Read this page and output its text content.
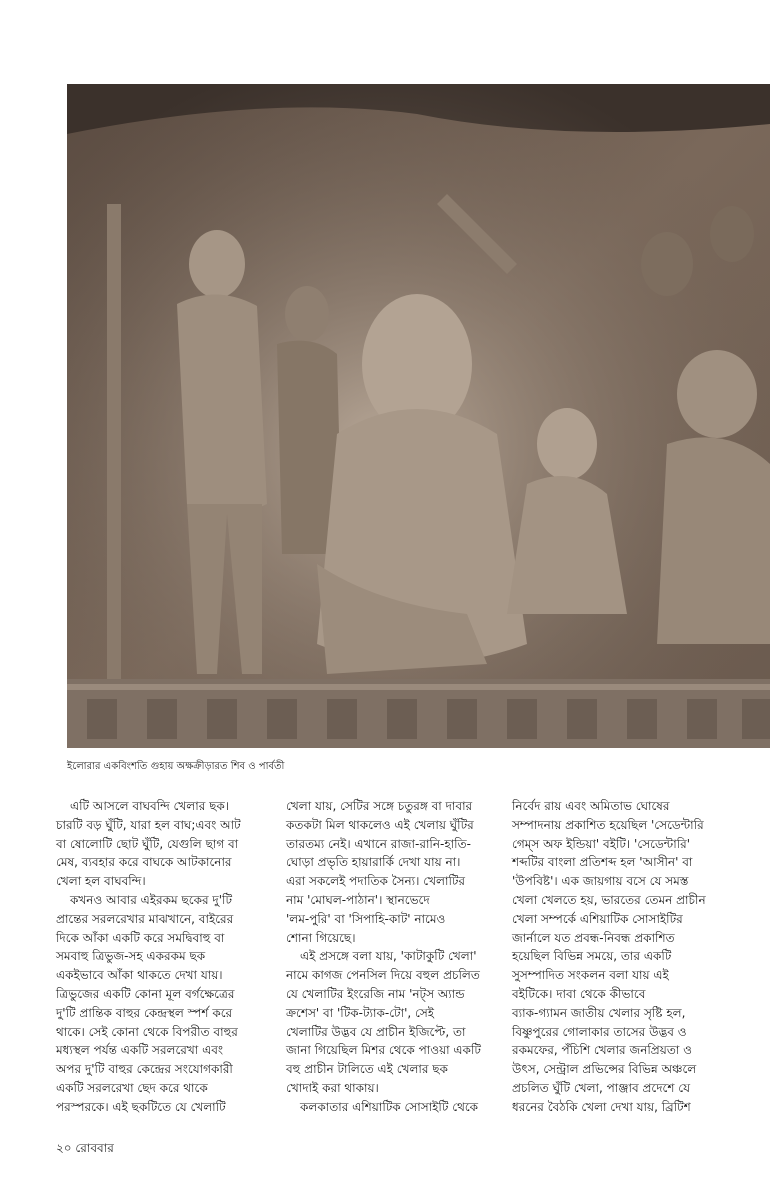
ইলোরার একবিংশতি গুহায় অক্ষক্রীড়ারত শিব ও পার্বতী

এটি আসলে বাঘবন্দি খেলার ছক।

চারটি বড় ঘুঁটি, যারা হল বাঘ;এবং আট

বা ষোলোটি ছোট ঘুঁটি, যেগুলি ছাগ বা

মেষ, ব্যবহার করে বাঘকে আটকানোর

খেলা হল বাঘবন্দি।

কখনও আবার এইরকম ছকের দু'টি

প্রান্তের সরলরেখার মাঝখানে, বাইরের

দিকে আঁকা একটি করে সমদ্বিবাহু বা

সমবাহু ত্রিভুজ-সহ একরকম ছক

একইভাবে আঁকা থাকতে দেখা যায়।

ত্রিভুজের একটি কোনা মূল বর্গক্ষেত্রের

দু'টি প্রান্তিক বাহুর কেন্দ্রস্থল স্পর্শ করে

থাকে। সেই কোনা থেকে বিপরীত বাহুর

মধ্যস্থল পর্যন্ত একটি সরলরেখা এবং

অপর দু'টি বাহুর কেন্দ্রের সংযোগকারী

একটি সরলরেখা ছেদ করে থাকে

পরস্পরকে। এই ছকটিতে যে খেলাটি

খেলা যায়, সেটির সঙ্গে চতুরঙ্গ বা দাবার

কতকটা মিল থাকলেও এই খেলায় ঘুঁটির

তারতম্য নেই। এখানে রাজা-রানি-হাতি-

ঘোড়া প্রভৃতি হায়ারার্কি দেখা যায় না।

এরা সকলেই পদাতিক সৈন্য। খেলাটির

নাম 'মোঘল-পাঠান'। স্থানভেদে

'লম-পুরি' বা 'সিপাহি-কাট' নামেও

শোনা গিয়েছে।

এই প্রসঙ্গে বলা যায়, 'কাটাকুটি খেলা'

নামে কাগজ পেনসিল দিয়ে বহুল প্রচলিত

যে খেলাটির ইংরেজি নাম 'নট্স অ্যান্ড

ক্রশেস' বা 'টিক-ট্যাক-টো', সেই

খেলাটির উদ্ভব যে প্রাচীন ইজিপ্টে, তা

জানা গিয়েছিল মিশর থেকে পাওয়া একটি

বহু প্রাচীন টালিতে এই খেলার ছক

খোদাই করা থাকায়।

কলকাতার এশিয়াটিক সোসাইটি থেকে

নির্বেদ রায় এবং অমিতাভ ঘোষের

সম্পাদনায় প্রকাশিত হয়েছিল 'সেডেন্টারি

গেম্স অফ ইন্ডিয়া' বইটি। 'সেডেন্টারি'

শব্দটির বাংলা প্রতিশব্দ হল 'আসীন' বা

'উপবিষ্ট'। এক জায়গায় বসে যে সমস্ত

খেলা খেলতে হয়, ভারতের তেমন প্রাচীন

খেলা সম্পর্কে এশিয়াটিক সোসাইটির

জার্নালে যত প্রবন্ধ-নিবন্ধ প্রকাশিত

হয়েছিল বিভিন্ন সময়ে, তার একটি

সুসম্পাদিত সংকলন বলা যায় এই

বইটিকে। দাবা থেকে কীভাবে

ব্যাক-গ্যামন জাতীয় খেলার সৃষ্টি হল,

বিষ্ণুপুরের গোলাকার তাসের উদ্ভব ও

রকমফের, পঁচিশি খেলার জনপ্রিয়তা ও

উৎস, সেন্ট্রাল প্রভিন্সের বিভিন্ন অঞ্চলে

প্রচলিত ঘুঁটি খেলা, পাঞ্জাব প্রদেশে যে

ধরনের বৈঠকি খেলা দেখা যায়, ব্রিটিশ

২০ রোববার
